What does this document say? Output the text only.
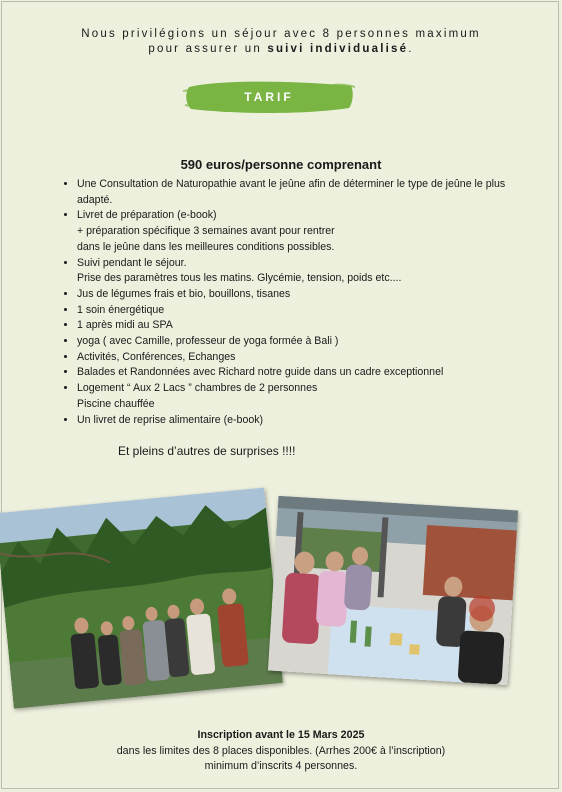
Nous privilégions un séjour avec 8 personnes maximum
pour assurer un suivi individualisé.
TARIF
590 euros/personne comprenant
• Une Consultation de Naturopathie avant le jeûne afin de déterminer le type de jeûne le plus
adapté.
• Livret de préparation (e-book)
+ préparation spécifique 3 semaines avant pour rentrer
dans le jeûne dans les meilleures conditions possibles.
• Suivi pendant le séjour.
Prise des paramètres tous les matins. Glycémie, tension, poids etc....
• Jus de légumes frais et bio, bouillons, tisanes
• 1 soin énergétique
• 1 après midi au SPA
• yoga ( avec Camille, professeur de yoga formée à Bali )
• Activités, Conférences, Echanges
• Balades et Randonnées avec Richard notre guide dans un cadre exceptionnel
• Logement “ Aux 2 Lacs ” chambres de 2 personnes
Piscine chauffée
• Un livret de reprise alimentaire (e-book)
Et pleins d’autres de surprises !!!!
Inscription avant le 15 Mars 2025
dans les limites des 8 places disponibles. (Arrhes 200€ à l’inscription)
minimum d’inscrits 4 personnes.
